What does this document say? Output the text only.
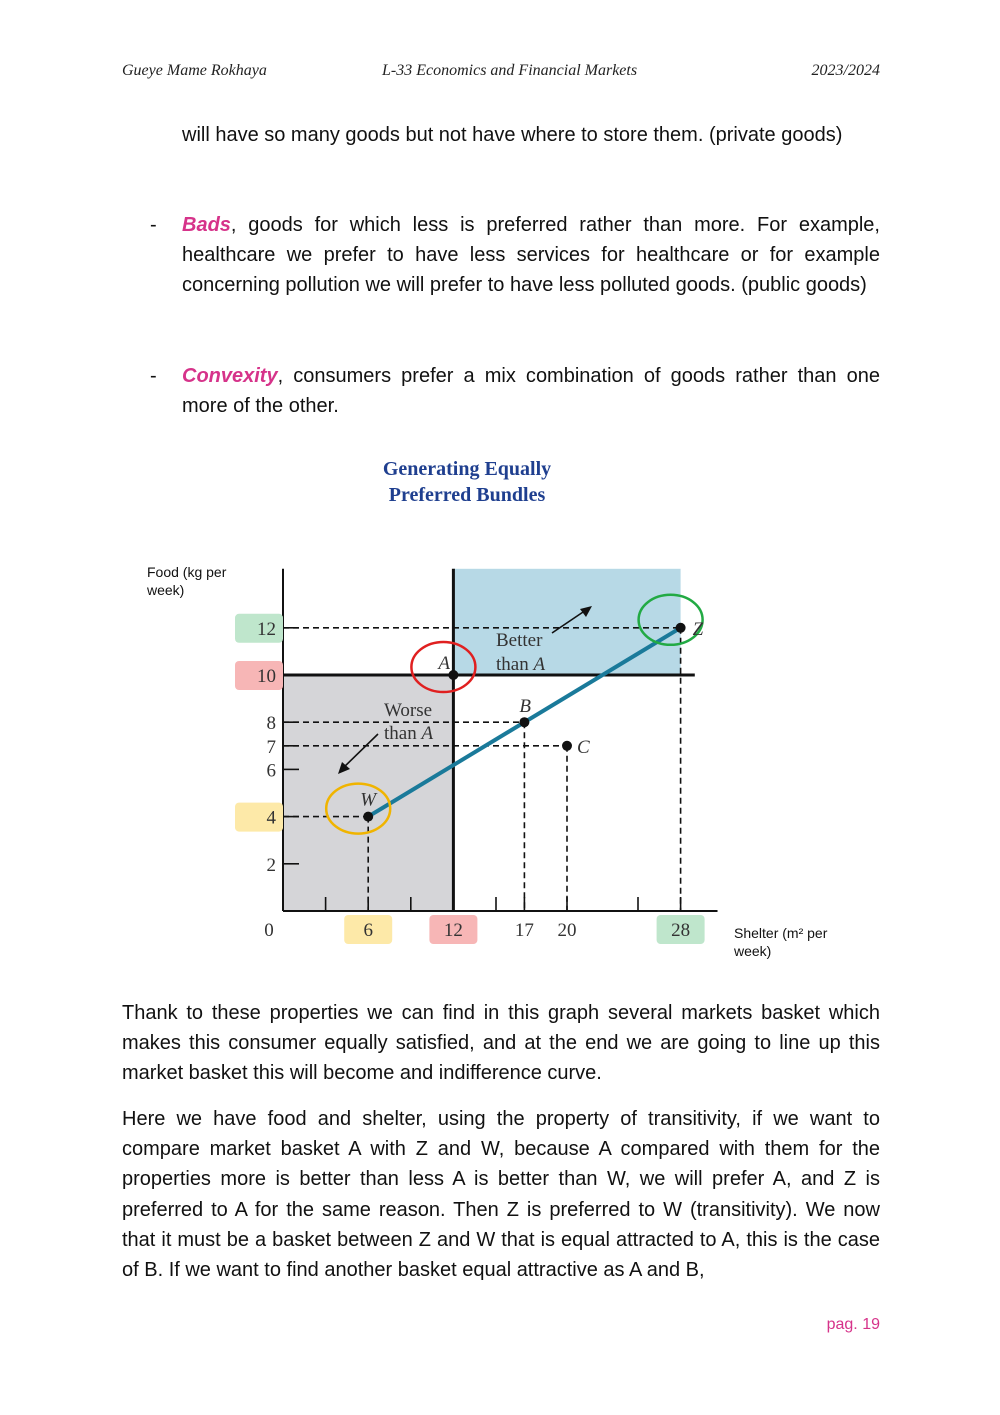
Gueye Mame Rokhaya	L-33 Economics and Financial Markets	2023/2024
will have so many goods but not have where to store them. (private goods)
- Bads, goods for which less is preferred rather than more. For example, healthcare we prefer to have less services for healthcare or for example concerning pollution we will prefer to have less polluted goods. (public goods)
- Convexity, consumers prefer a mix combination of goods rather than one more of the other.
Generating Equally
Preferred Bundles
6	12	17 20	28
0
2
4
6
7
8
10
12
Food (kg per
week)
Shelter (m² per
week)
Better
than A
Worse
than A
A
B
C
W
Z
Thank to these properties we can find in this graph several markets basket which makes this consumer equally satisfied, and at the end we are going to line up this market basket this will become and indifference curve.
Here we have food and shelter, using the property of transitivity, if we want to compare market basket A with Z and W, because A compared with them for the properties more is better than less A is better than W, we will prefer A, and Z is preferred to A for the same reason. Then Z is preferred to W (transitivity). We now that it must be a basket between Z and W that is equal attracted to A, this is the case of B. If we want to find another basket equal attractive as A and B,
pag. 19
